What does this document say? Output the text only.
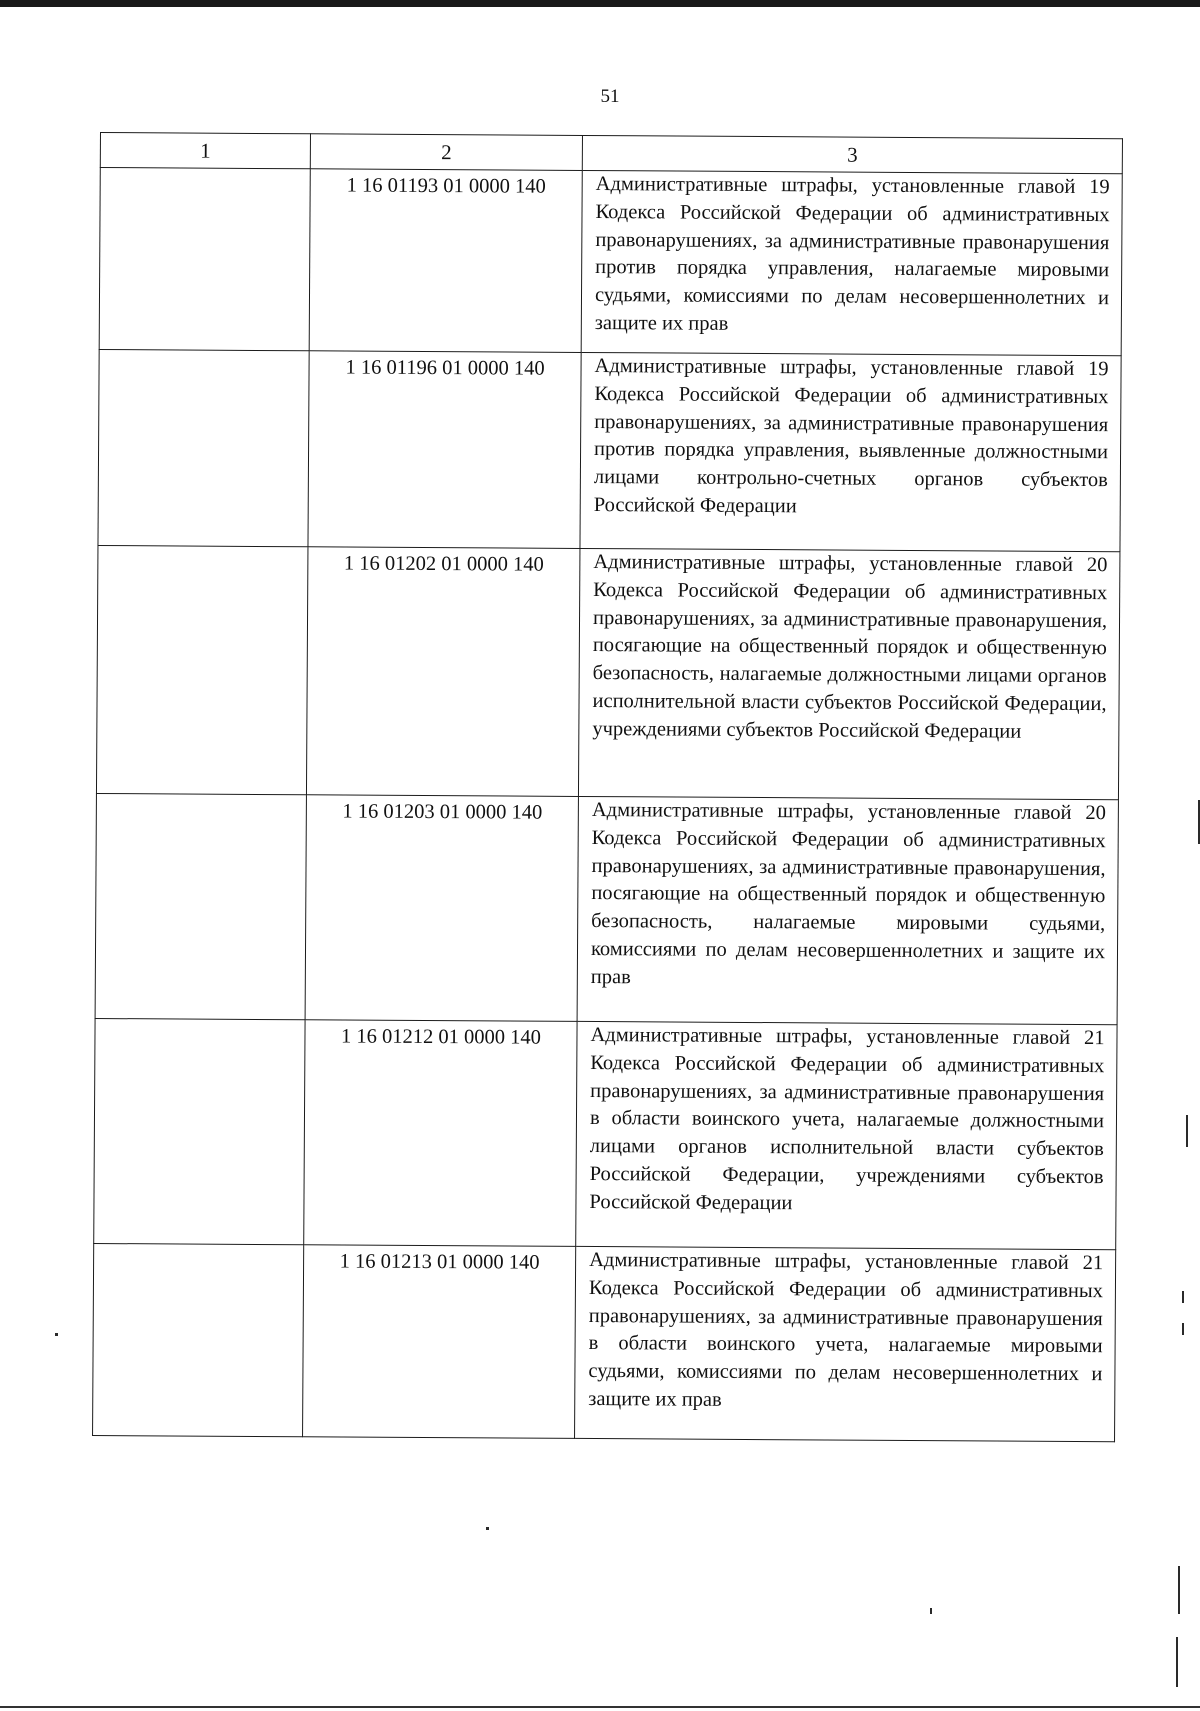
51
1	2	3
	1 16 01193 01 0000 140	Административные штрафы, установленные главой 19 Кодекса Российской Федерации об административных правонарушениях, за административные правонарушения против порядка управления, налагаемые мировыми судьями, комиссиями по делам несовершеннолетних и защите их прав
	1 16 01196 01 0000 140	Административные штрафы, установленные главой 19 Кодекса Российской Федерации об административных правонарушениях, за административные правонарушения против порядка управления, выявленные должностными лицами контрольно-счетных органов субъектов Российской Федерации
	1 16 01202 01 0000 140	Административные штрафы, установленные главой 20 Кодекса Российской Федерации об административных правонарушениях, за административные правонарушения, посягающие на общественный порядок и общественную безопасность, налагаемые должностными лицами органов исполнительной власти субъектов Российской Федерации, учреждениями субъектов Российской Федерации
	1 16 01203 01 0000 140	Административные штрафы, установленные главой 20 Кодекса Российской Федерации об административных правонарушениях, за административные правонарушения, посягающие на общественный порядок и общественную безопасность, налагаемые мировыми судьями, комиссиями по делам несовершеннолетних и защите их прав
	1 16 01212 01 0000 140	Административные штрафы, установленные главой 21 Кодекса Российской Федерации об административных правонарушениях, за административные правонарушения в области воинского учета, налагаемые должностными лицами органов исполнительной власти субъектов Российской Федерации, учреждениями субъектов Российской Федерации
	1 16 01213 01 0000 140	Административные штрафы, установленные главой 21 Кодекса Российской Федерации об административных правонарушениях, за административные правонарушения в области воинского учета, налагаемые мировыми судьями, комиссиями по делам несовершеннолетних и защите их прав
